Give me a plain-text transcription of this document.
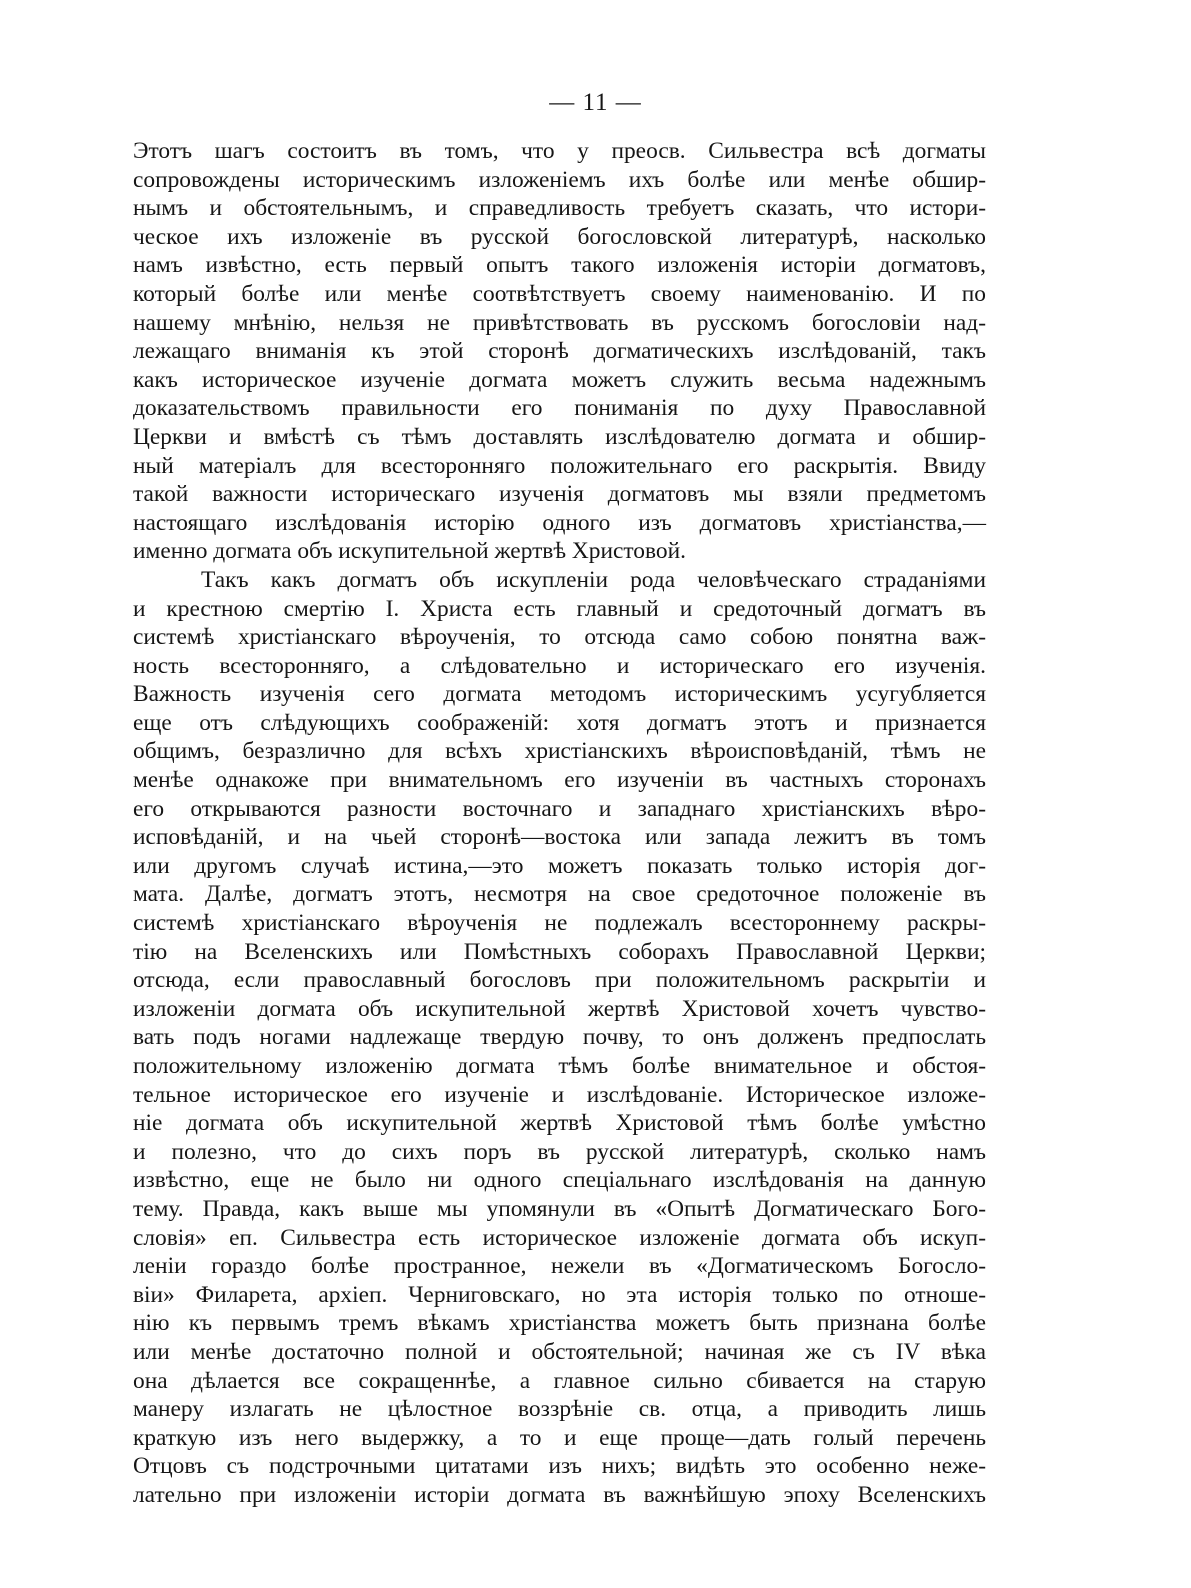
— 11 —
Этотъ шагъ состоитъ въ томъ, что у преосв. Сильвестра всѣ догматы
сопровождены историческимъ изложеніемъ ихъ болѣе или менѣе обшир-
нымъ и обстоятельнымъ, и справедливость требуетъ сказать, что истори-
ческое ихъ изложеніе въ русской богословской литературѣ, насколько
намъ извѣстно, есть первый опытъ такого изложенія исторіи догматовъ,
который болѣе или менѣе соотвѣтствуетъ своему наименованію. И по
нашему мнѣнію, нельзя не привѣтствовать въ русскомъ богословіи над-
лежащаго вниманія къ этой сторонѣ догматическихъ изслѣдованій, такъ
какъ историческое изученіе догмата можетъ служить весьма надежнымъ
доказательствомъ правильности его пониманія по духу Православной
Церкви и вмѣстѣ съ тѣмъ доставлять изслѣдователю догмата и обшир-
ный матеріалъ для всесторонняго положительнаго его раскрытія. Ввиду
такой важности историческаго изученія догматовъ мы взяли предметомъ
настоящаго изслѣдованія исторію одного изъ догматовъ христіанства,—
именно догмата объ искупительной жертвѣ Христовой.
Такъ какъ догматъ объ искупленіи рода человѣческаго страданіями
и крестною смертію І. Христа есть главный и средоточный догматъ въ
системѣ христіанскаго вѣроученія, то отсюда само собою понятна важ-
ность всесторонняго, а слѣдовательно и историческаго его изученія.
Важность изученія сего догмата методомъ историческимъ усугубляется
еще отъ слѣдующихъ соображеній: хотя догматъ этотъ и признается
общимъ, безразлично для всѣхъ христіанскихъ вѣроисповѣданій, тѣмъ не
менѣе однакоже при внимательномъ его изученіи въ частныхъ сторонахъ
его открываются разности восточнаго и западнаго христіанскихъ вѣро-
исповѣданій, и на чьей сторонѣ—востока или запада лежитъ въ томъ
или другомъ случаѣ истина,—это можетъ показать только исторія дог-
мата. Далѣе, догматъ этотъ, несмотря на свое средоточное положеніе въ
системѣ христіанскаго вѣроученія не подлежалъ всестороннему раскры-
тію на Вселенскихъ или Помѣстныхъ соборахъ Православной Церкви;
отсюда, если православный богословъ при положительномъ раскрытіи и
изложеніи догмата объ искупительной жертвѣ Христовой хочетъ чувство-
вать подъ ногами надлежаще твердую почву, то онъ долженъ предпослать
положительному изложенію догмата тѣмъ болѣе внимательное и обстоя-
тельное историческое его изученіе и изслѣдованіе. Историческое изложе-
ніе догмата объ искупительной жертвѣ Христовой тѣмъ болѣе умѣстно
и полезно, что до сихъ поръ въ русской литературѣ, сколько намъ
извѣстно, еще не было ни одного спеціальнаго изслѣдованія на данную
тему. Правда, какъ выше мы упомянули въ «Опытѣ Догматическаго Бого-
словія» еп. Сильвестра есть историческое изложеніе догмата объ искуп-
леніи гораздо болѣе пространное, нежели въ «Догматическомъ Богосло-
віи» Филарета, архіеп. Черниговскаго, но эта исторія только по отноше-
нію къ первымъ тремъ вѣкамъ христіанства можетъ быть признана болѣе
или менѣе достаточно полной и обстоятельной; начиная же съ IV вѣка
она дѣлается все сокращеннѣе, а главное сильно сбивается на старую
манеру излагать не цѣлостное воззрѣніе св. отца, а приводить лишь
краткую изъ него выдержку, а то и еще проще—дать голый перечень
Отцовъ съ подстрочными цитатами изъ нихъ; видѣть это особенно неже-
лательно при изложеніи исторіи догмата въ важнѣйшую эпоху Вселенскихъ
